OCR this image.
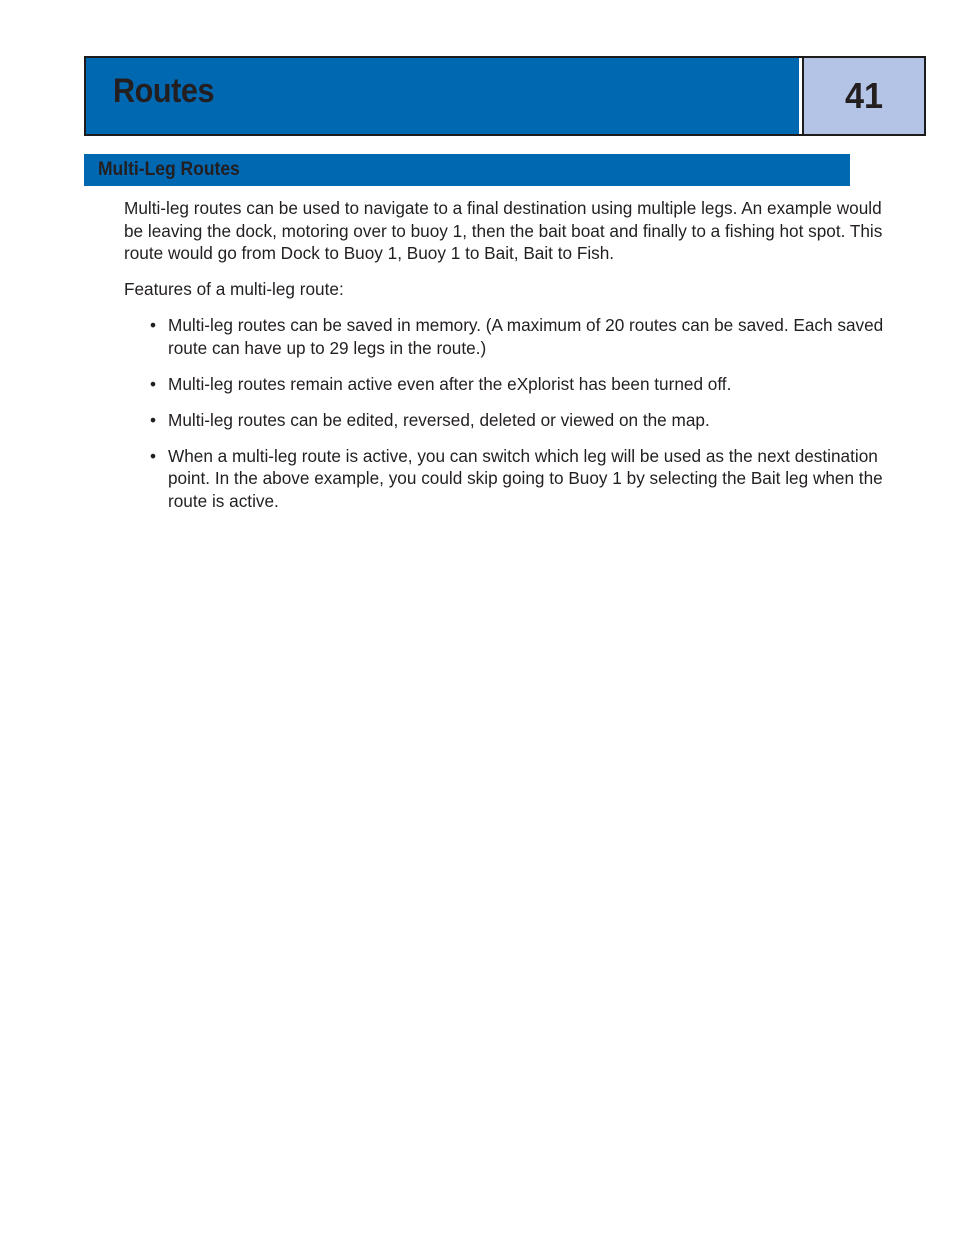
Routes	41
Multi-Leg Routes

Multi-leg routes can be used to navigate to a final destination using multiple legs. An example would be leaving the dock, motoring over to buoy 1, then the bait boat and finally to a fishing hot spot. This route would go from Dock to Buoy 1, Buoy 1 to Bait, Bait to Fish.

Features of a multi-leg route:

• Multi-leg routes can be saved in memory. (A maximum of 20 routes can be saved. Each saved route can have up to 29 legs in the route.)
• Multi-leg routes remain active even after the eXplorist has been turned off.
• Multi-leg routes can be edited, reversed, deleted or viewed on the map.
• When a multi-leg route is active, you can switch which leg will be used as the next destination point. In the above example, you could skip going to Buoy 1 by selecting the Bait leg when the route is active.
